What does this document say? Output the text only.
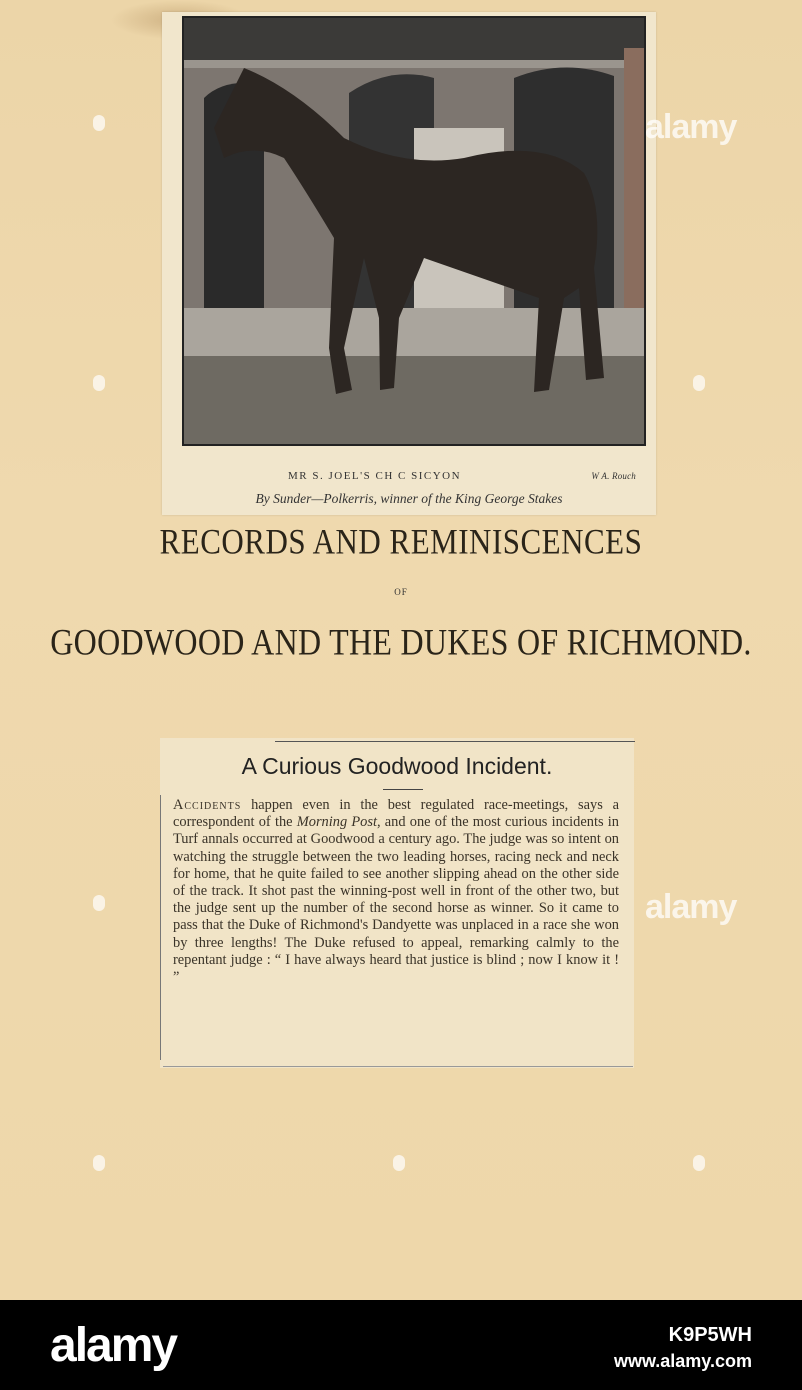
MR S. JOEL'S CH C SICYON	W A. Rouch
By Sunder—Polkerris, winner of the King George Stakes
RECORDS AND REMINISCENCES
OF
GOODWOOD AND THE DUKES OF RICHMOND.
A Curious Goodwood Incident.
Accidents happen even in the best regulated race-meetings, says a correspondent of the Morning Post, and one of the most curious incidents in Turf annals occurred at Goodwood a century ago. The judge was so intent on watching the struggle between the two leading horses, racing neck and neck for home, that he quite failed to see another slipping ahead on the other side of the track. It shot past the winning-post well in front of the other two, but the judge sent up the number of the second horse as winner. So it came to pass that the Duke of Richmond's Dandyette was unplaced in a race she won by three lengths! The Duke refused to appeal, remarking calmly to the repentant judge : “ I have always heard that justice is blind ; now I know it ! ”
alamy
alamy
alamy	K9P5WH
www.alamy.com
